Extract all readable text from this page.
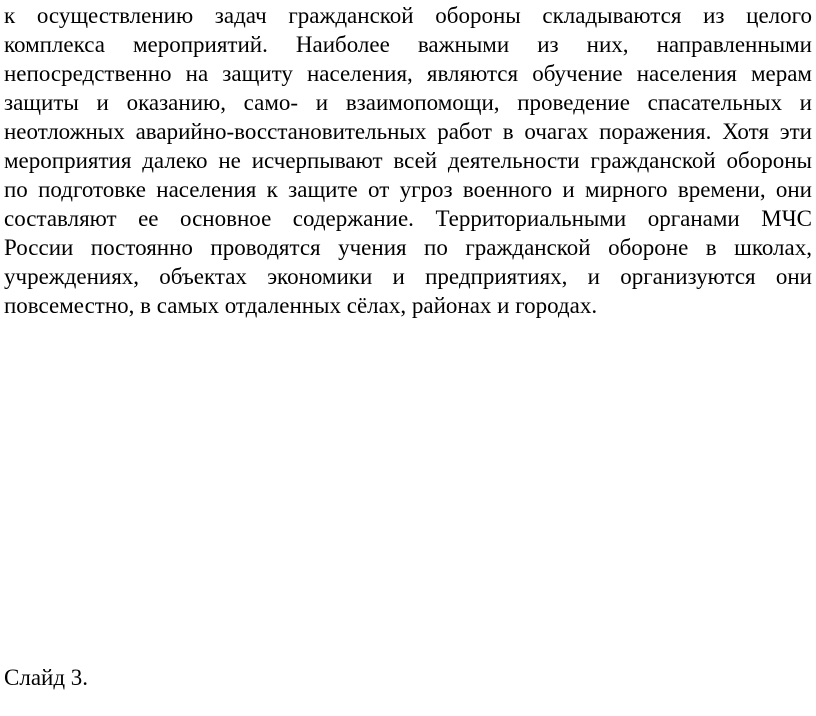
к осуществлению задач гражданской обороны складываются из целого
комплекса мероприятий. Наиболее важными из них, направленными
непосредственно на защиту населения, являются обучение населения мерам
защиты и оказанию, само- и взаимопомощи, проведение спасательных и
неотложных аварийно-восстановительных работ в очагах поражения. Хотя эти
мероприятия далеко не исчерпывают всей деятельности гражданской обороны
по подготовке населения к защите от угроз военного и мирного времени, они
составляют ее основное содержание. Территориальными органами МЧС
России постоянно проводятся учения по гражданской обороне в школах,
учреждениях, объектах экономики и предприятиях, и организуются они
повсеместно, в самых отдаленных сёлах, районах и городах.

Слайд 3.
